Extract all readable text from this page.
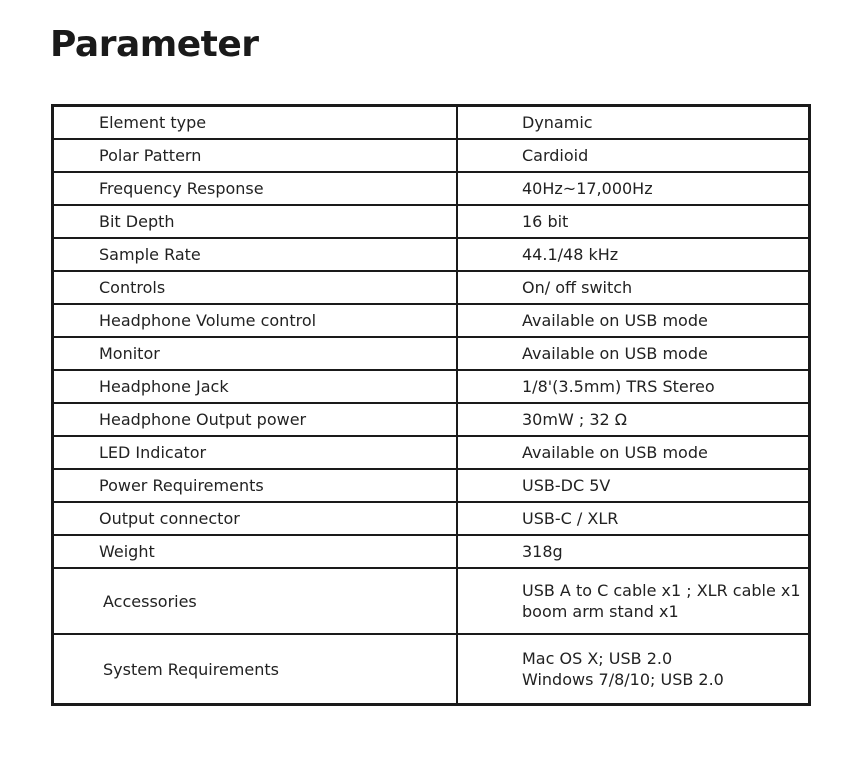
Parameter
Element type	Dynamic
Polar Pattern	Cardioid
Frequency Response	40Hz~17,000Hz
Bit Depth	16 bit
Sample Rate	44.1/48 kHz
Controls	On/ off switch
Headphone Volume control	Available on USB mode
Monitor	Available on USB mode
Headphone Jack	1/8'(3.5mm) TRS Stereo
Headphone Output power	30mW ; 32 Ω
LED Indicator	Available on USB mode
Power Requirements	USB-DC 5V
Output connector	USB-C / XLR
Weight	318g
Accessories	USB A to C cable x1 ; XLR cable x1
boom arm stand x1

System Requirements	Mac OS X; USB 2.0
Windows 7/8/10; USB 2.0
